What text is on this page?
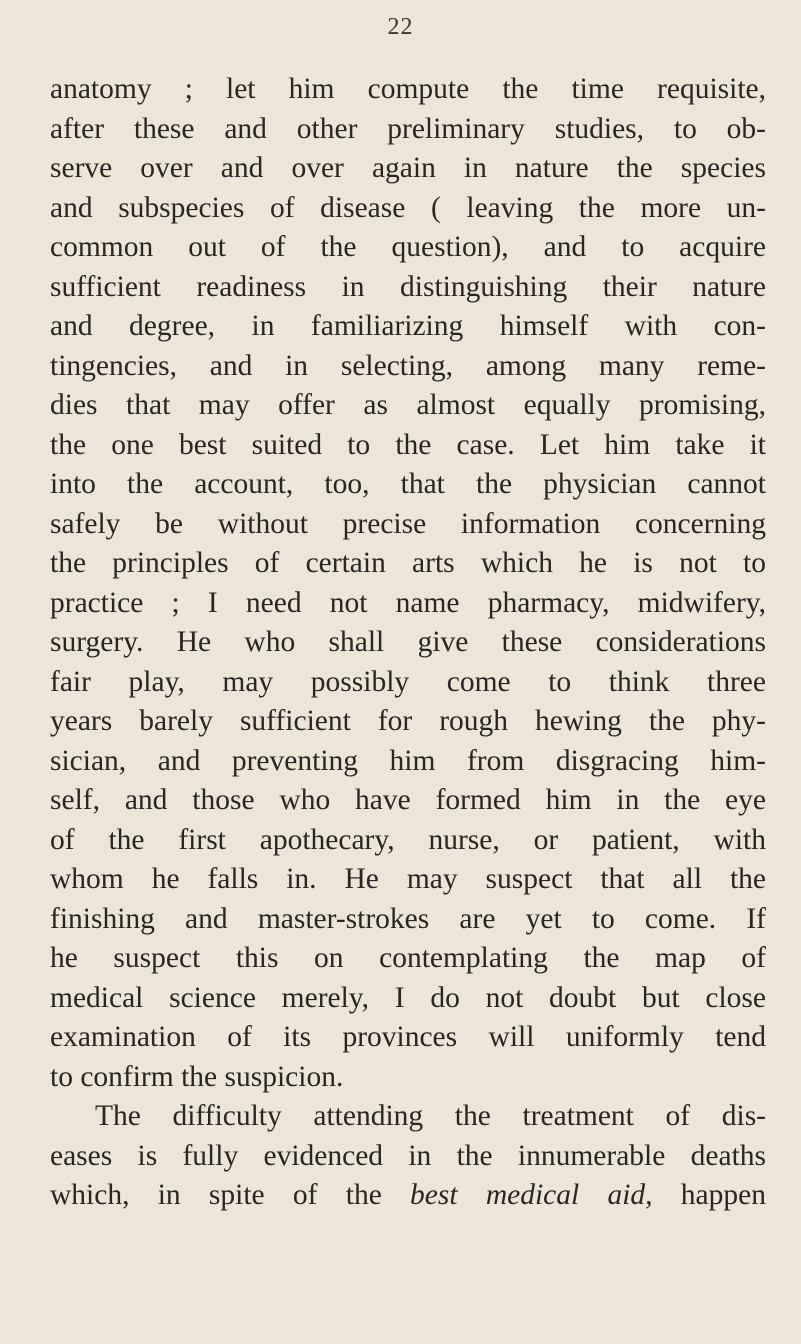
22
anatomy ; let him compute the time requisite,
after these and other preliminary studies, to ob-
serve over and over again in nature the species
and subspecies of disease ( leaving the more un-
common out of the question), and to acquire
sufficient readiness in distinguishing their nature
and degree, in familiarizing himself with con-
tingencies, and in selecting, among many reme-
dies that may offer as almost equally promising,
the one best suited to the case. Let him take it
into the account, too, that the physician cannot
safely be without precise information concerning
the principles of certain arts which he is not to
practice ; I need not name pharmacy, midwifery,
surgery. He who shall give these considerations
fair play, may possibly come to think three
years barely sufficient for rough hewing the phy-
sician, and preventing him from disgracing him-
self, and those who have formed him in the eye
of the first apothecary, nurse, or patient, with
whom he falls in. He may suspect that all the
finishing and master-strokes are yet to come. If
he suspect this on contemplating the map of
medical science merely, I do not doubt but close
examination of its provinces will uniformly tend
to confirm the suspicion.
The difficulty attending the treatment of dis-
eases is fully evidenced in the innumerable deaths
which, in spite of the best medical aid, happen
